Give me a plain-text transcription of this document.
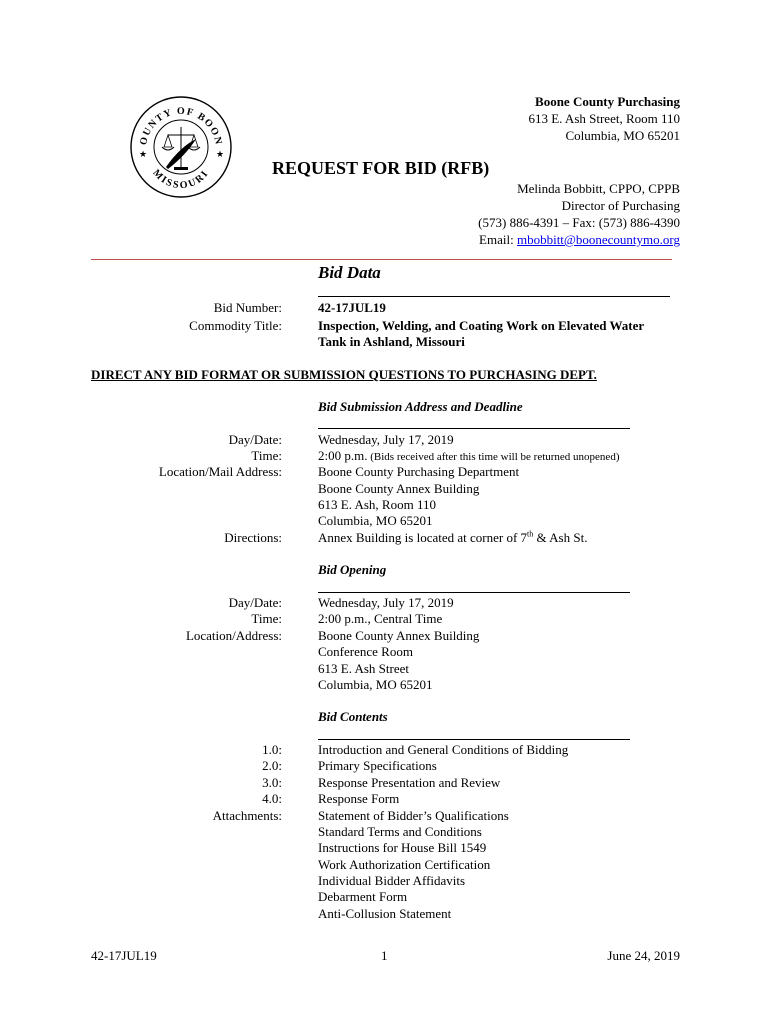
OUNTY OF BOON
MISSOURI
★	★
Boone County Purchasing
613 E. Ash Street, Room 110
Columbia, MO 65201
REQUEST FOR BID (RFB)
Melinda Bobbitt, CPPO, CPPB
Director of Purchasing
(573) 886-4391 – Fax: (573) 886-4390
Email: mbobbitt@boonecountymo.org
Bid Data
Bid Number:	42-17JUL19
Commodity Title:	Inspection, Welding, and Coating Work on Elevated Water
Tank in Ashland, Missouri
DIRECT ANY BID FORMAT OR SUBMISSION QUESTIONS TO PURCHASING DEPT.
Bid Submission Address and Deadline
Day/Date:	Wednesday, July 17, 2019
Time:	2:00 p.m. (Bids received after this time will be returned unopened)
Location/Mail Address:	Boone County Purchasing Department
Boone County Annex Building
613 E. Ash, Room 110
Columbia, MO 65201
Directions:	Annex Building is located at corner of 7th & Ash St.
Bid Opening
Day/Date:	Wednesday, July 17, 2019
Time:	2:00 p.m., Central Time
Location/Address:	Boone County Annex Building
Conference Room
613 E. Ash Street
Columbia, MO 65201
Bid Contents
1.0:	Introduction and General Conditions of Bidding
2.0:	Primary Specifications
3.0:	Response Presentation and Review
4.0:	Response Form
Attachments:	Statement of Bidder’s Qualifications
Standard Terms and Conditions
Instructions for House Bill 1549
Work Authorization Certification
Individual Bidder Affidavits
Debarment Form
Anti-Collusion Statement
42-17JUL19	1	June 24, 2019
